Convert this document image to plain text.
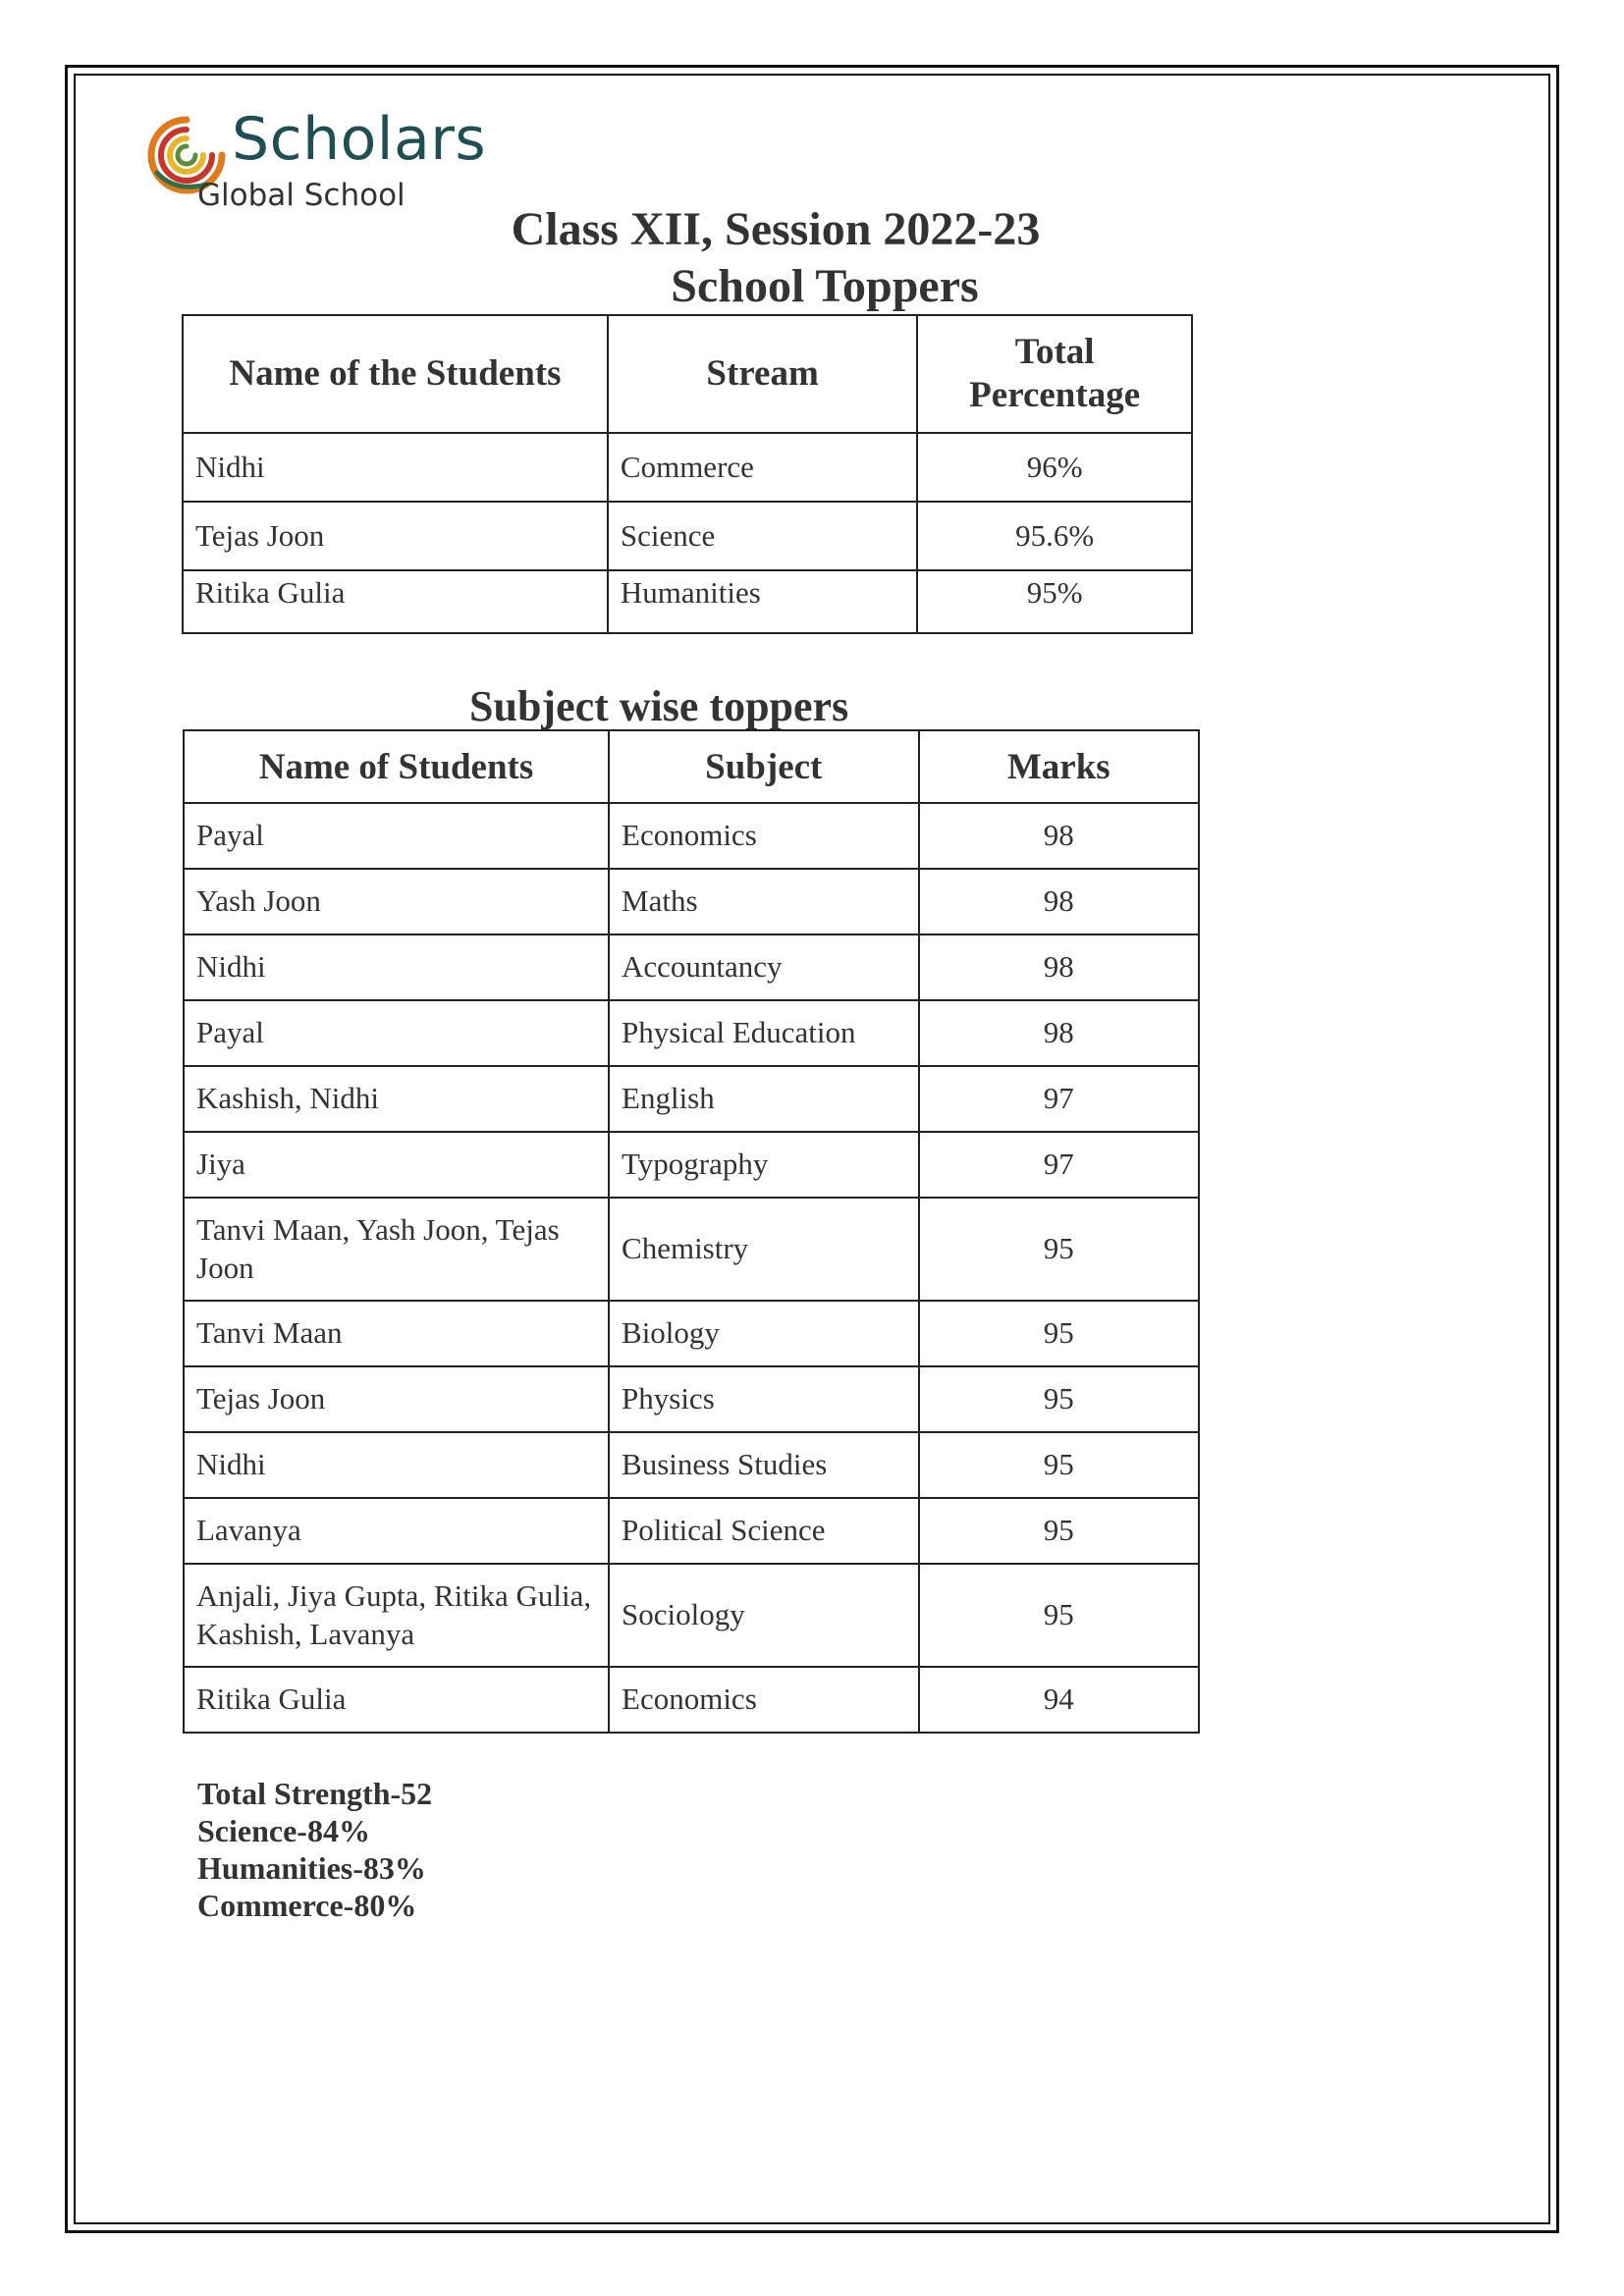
Scholars
Global School
Class XII, Session 2022-23
School Toppers
Name of the Students	Stream	Total Percentage
Nidhi	Commerce	96%
Tejas Joon	Science	95.6%
Ritika Gulia	Humanities	95%
Subject wise toppers
Name of Students	Subject	Marks
Payal	Economics	98
Yash Joon	Maths	98
Nidhi	Accountancy	98
Payal	Physical Education	98
Kashish, Nidhi	English	97
Jiya	Typography	97
Tanvi Maan, Yash Joon, Tejas Joon	Chemistry	95
Tanvi Maan	Biology	95
Tejas Joon	Physics	95
Nidhi	Business Studies	95
Lavanya	Political Science	95
Anjali, Jiya Gupta, Ritika Gulia, Kashish, Lavanya	Sociology	95
Ritika Gulia	Economics	94
Total Strength-52
Science-84%
Humanities-83%
Commerce-80%
